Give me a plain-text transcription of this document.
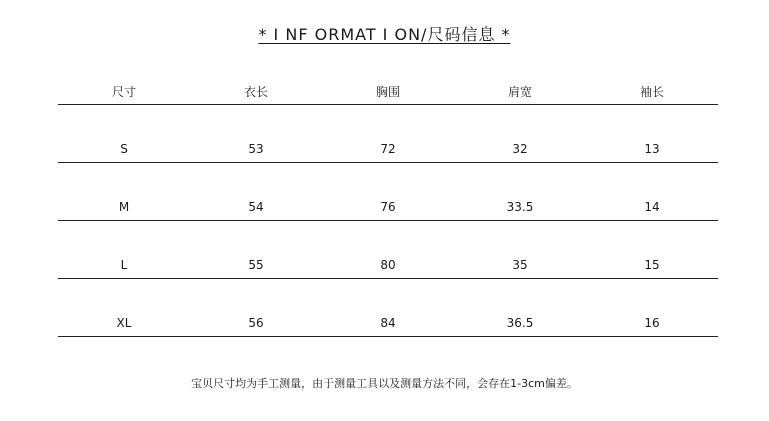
* I NF ORMAT I ON/尺码信息 *
尺寸	衣长	胸围	肩宽	袖长
S	53	72	32	13
M	54	76	33.5	14
L	55	80	35	15
XL	56	84	36.5	16
宝贝尺寸均为手工测量，由于测量工具以及测量方法不同，会存在1-3cm偏差。
